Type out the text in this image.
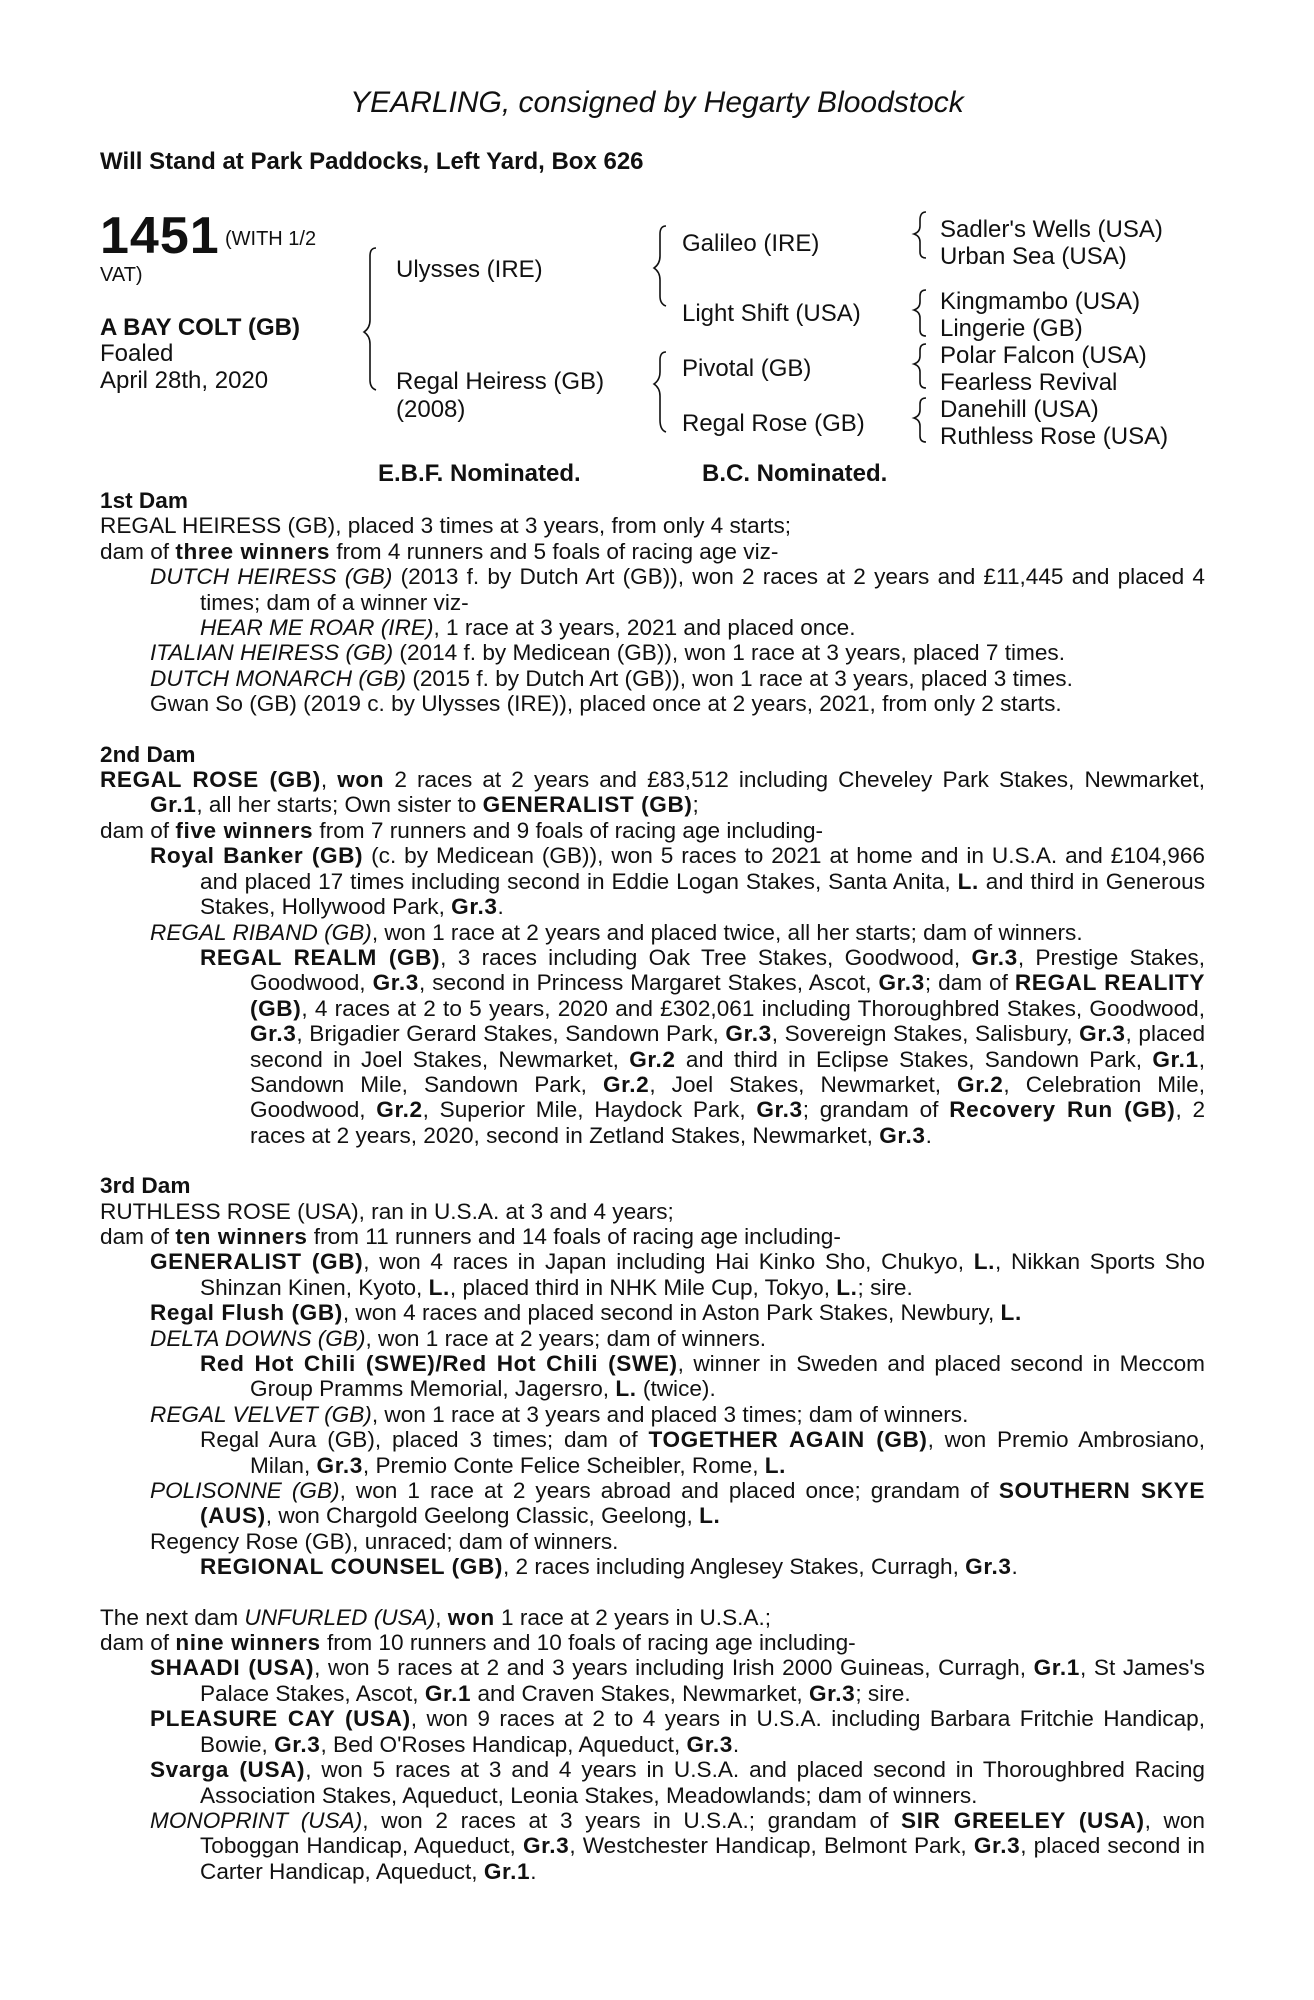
YEARLING, consigned by Hegarty Bloodstock
Will Stand at Park Paddocks, Left Yard, Box 626
1451 (WITH 1/2
VAT)
A BAY COLT (GB)
Foaled
April 28th, 2020
Ulysses (IRE)
Regal Heiress (GB)
(2008)
Galileo (IRE)
Light Shift (USA)
Pivotal (GB)
Regal Rose (GB)
Sadler's Wells (USA)
Urban Sea (USA)
Kingmambo (USA)
Lingerie (GB)
Polar Falcon (USA)
Fearless Revival
Danehill (USA)
Ruthless Rose (USA)
E.B.F. Nominated.	B.C. Nominated.

1st Dam

REGAL HEIRESS (GB), placed 3 times at 3 years, from only 4 starts;

dam of three winners from 4 runners and 5 foals of racing age viz-

DUTCH HEIRESS (GB) (2013 f. by Dutch Art (GB)), won 2 races at 2 years and £11,445 and placed 4 times; dam of a winner viz-

HEAR ME ROAR (IRE), 1 race at 3 years, 2021 and placed once.

ITALIAN HEIRESS (GB) (2014 f. by Medicean (GB)), won 1 race at 3 years, placed 7 times.

DUTCH MONARCH (GB) (2015 f. by Dutch Art (GB)), won 1 race at 3 years, placed 3 times.

Gwan So (GB) (2019 c. by Ulysses (IRE)), placed once at 2 years, 2021, from only 2 starts.

2nd Dam

REGAL ROSE (GB), won 2 races at 2 years and £83,512 including Cheveley Park Stakes, Newmarket, Gr.1, all her starts; Own sister to GENERALIST (GB);

dam of five winners from 7 runners and 9 foals of racing age including-

Royal Banker (GB) (c. by Medicean (GB)), won 5 races to 2021 at home and in U.S.A. and £104,966 and placed 17 times including second in Eddie Logan Stakes, Santa Anita, L. and third in Generous Stakes, Hollywood Park, Gr.3.

REGAL RIBAND (GB), won 1 race at 2 years and placed twice, all her starts; dam of winners.

REGAL REALM (GB), 3 races including Oak Tree Stakes, Goodwood, Gr.3, Prestige Stakes, Goodwood, Gr.3, second in Princess Margaret Stakes, Ascot, Gr.3; dam of REGAL REALITY (GB), 4 races at 2 to 5 years, 2020 and £302,061 including Thoroughbred Stakes, Goodwood, Gr.3, Brigadier Gerard Stakes, Sandown Park, Gr.3, Sovereign Stakes, Salisbury, Gr.3, placed second in Joel Stakes, Newmarket, Gr.2 and third in Eclipse Stakes, Sandown Park, Gr.1, Sandown Mile, Sandown Park, Gr.2, Joel Stakes, Newmarket, Gr.2, Celebration Mile, Goodwood, Gr.2, Superior Mile, Haydock Park, Gr.3; grandam of Recovery Run (GB), 2 races at 2 years, 2020, second in Zetland Stakes, Newmarket, Gr.3.

3rd Dam

RUTHLESS ROSE (USA), ran in U.S.A. at 3 and 4 years;

dam of ten winners from 11 runners and 14 foals of racing age including-

GENERALIST (GB), won 4 races in Japan including Hai Kinko Sho, Chukyo, L., Nikkan Sports Sho Shinzan Kinen, Kyoto, L., placed third in NHK Mile Cup, Tokyo, L.; sire.

Regal Flush (GB), won 4 races and placed second in Aston Park Stakes, Newbury, L.

DELTA DOWNS (GB), won 1 race at 2 years; dam of winners.

Red Hot Chili (SWE)/Red Hot Chili (SWE), winner in Sweden and placed second in Meccom Group Pramms Memorial, Jagersro, L. (twice).

REGAL VELVET (GB), won 1 race at 3 years and placed 3 times; dam of winners.

Regal Aura (GB), placed 3 times; dam of TOGETHER AGAIN (GB), won Premio Ambrosiano, Milan, Gr.3, Premio Conte Felice Scheibler, Rome, L.

POLISONNE (GB), won 1 race at 2 years abroad and placed once; grandam of SOUTHERN SKYE (AUS), won Chargold Geelong Classic, Geelong, L.

Regency Rose (GB), unraced; dam of winners.

REGIONAL COUNSEL (GB), 2 races including Anglesey Stakes, Curragh, Gr.3.

The next dam UNFURLED (USA), won 1 race at 2 years in U.S.A.;

dam of nine winners from 10 runners and 10 foals of racing age including-

SHAADI (USA), won 5 races at 2 and 3 years including Irish 2000 Guineas, Curragh, Gr.1, St James's Palace Stakes, Ascot, Gr.1 and Craven Stakes, Newmarket, Gr.3; sire.

PLEASURE CAY (USA), won 9 races at 2 to 4 years in U.S.A. including Barbara Fritchie Handicap, Bowie, Gr.3, Bed O'Roses Handicap, Aqueduct, Gr.3.

Svarga (USA), won 5 races at 3 and 4 years in U.S.A. and placed second in Thoroughbred Racing Association Stakes, Aqueduct, Leonia Stakes, Meadowlands; dam of winners.

MONOPRINT (USA), won 2 races at 3 years in U.S.A.; grandam of SIR GREELEY (USA), won Toboggan Handicap, Aqueduct, Gr.3, Westchester Handicap, Belmont Park, Gr.3, placed second in Carter Handicap, Aqueduct, Gr.1.
